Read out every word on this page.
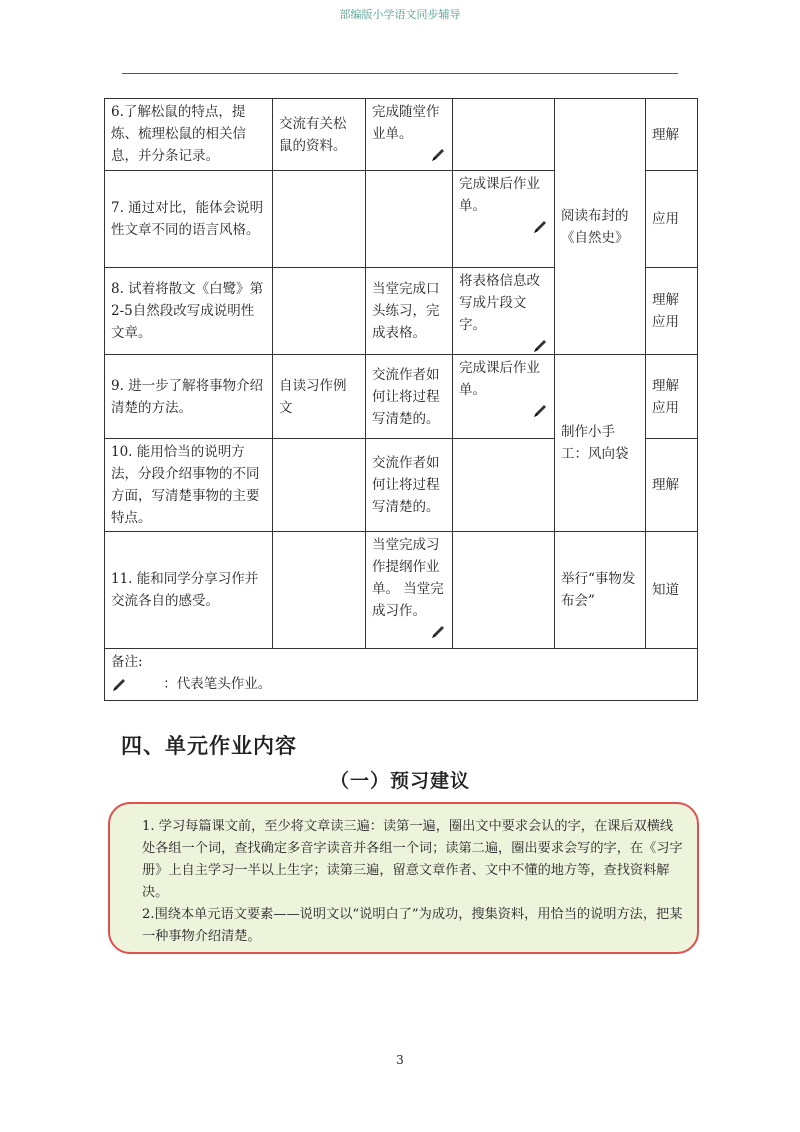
部编版小学语文同步辅导
6.了解松鼠的特点，提炼、梳理松鼠的相关信息，并分条记录。	交流有关松鼠的资料。	完成随堂作业单。		阅读布封的《自然史》	理解
7. 通过对比，能体会说明性文章不同的语言风格。			完成课后作业单。		应用
8. 试着将散文《白鹭》第2-5自然段改写成说明性文章。		当堂完成口头练习，完成表格。	将表格信息改写成片段文字。		理解 应用
9. 进一步了解将事物介绍清楚的方法。	自读习作例文	交流作者如何让将过程写清楚的。	完成课后作业单。	制作小手工：风向袋	理解 应用
10. 能用恰当的说明方法，分段介绍事物的不同方面，写清楚事物的主要特点。		交流作者如何让将过程写清楚的。			理解
11. 能和同学分享习作并交流各自的感受。		当堂完成习作提纲作业单。 当堂完成习作。		举行“事物发布会”	知道

备注:
：代表笔头作业。					
四、单元作业内容
（一）预习建议

1. 学习每篇课文前，至少将文章读三遍：读第一遍，圈出文中要求会认的字，在课后双横线处各组一个词，查找确定多音字读音并各组一个词；读第二遍，圈出要求会写的字，在《习字册》上自主学习一半以上生字；读第三遍，留意文章作者、文中不懂的地方等，查找资料解决。

2.围绕本单元语文要素——说明文以“说明白了”为成功，搜集资料，用恰当的说明方法，把某一种事物介绍清楚。

3
